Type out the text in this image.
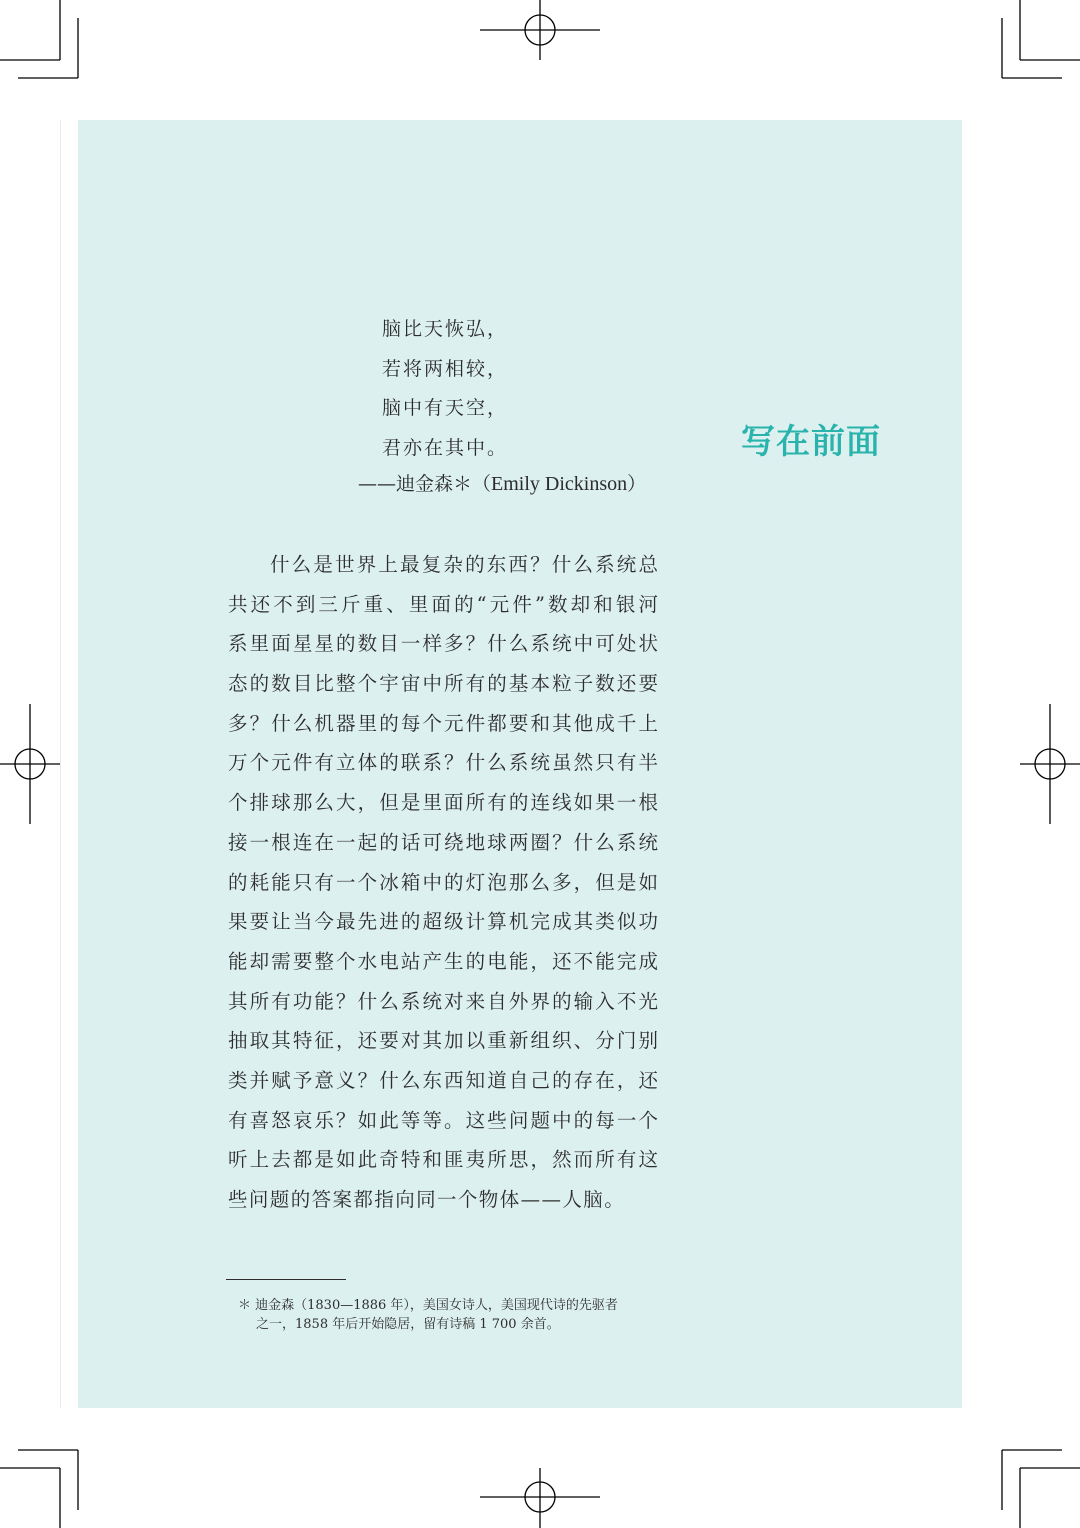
脑比天恢弘，
若将两相较，
脑中有天空，
君亦在其中。
——迪金森＊（Emily Dickinson）
写在前面
什么是世界上最复杂的东西？什么系统总
共还不到三斤重、里面的“元件”数却和银河
系里面星星的数目一样多？什么系统中可处状
态的数目比整个宇宙中所有的基本粒子数还要
多？什么机器里的每个元件都要和其他成千上
万个元件有立体的联系？什么系统虽然只有半
个排球那么大，但是里面所有的连线如果一根
接一根连在一起的话可绕地球两圈？什么系统
的耗能只有一个冰箱中的灯泡那么多，但是如
果要让当今最先进的超级计算机完成其类似功
能却需要整个水电站产生的电能，还不能完成
其所有功能？什么系统对来自外界的输入不光
抽取其特征，还要对其加以重新组织、分门别
类并赋予意义？什么东西知道自己的存在，还
有喜怒哀乐？如此等等。这些问题中的每一个
听上去都是如此奇特和匪夷所思，然而所有这
些问题的答案都指向同一个物体——人脑。
＊ 迪金森（1830—1886 年），美国女诗人，美国现代诗的先驱者
之一，1858 年后开始隐居，留有诗稿 1 700 余首。
